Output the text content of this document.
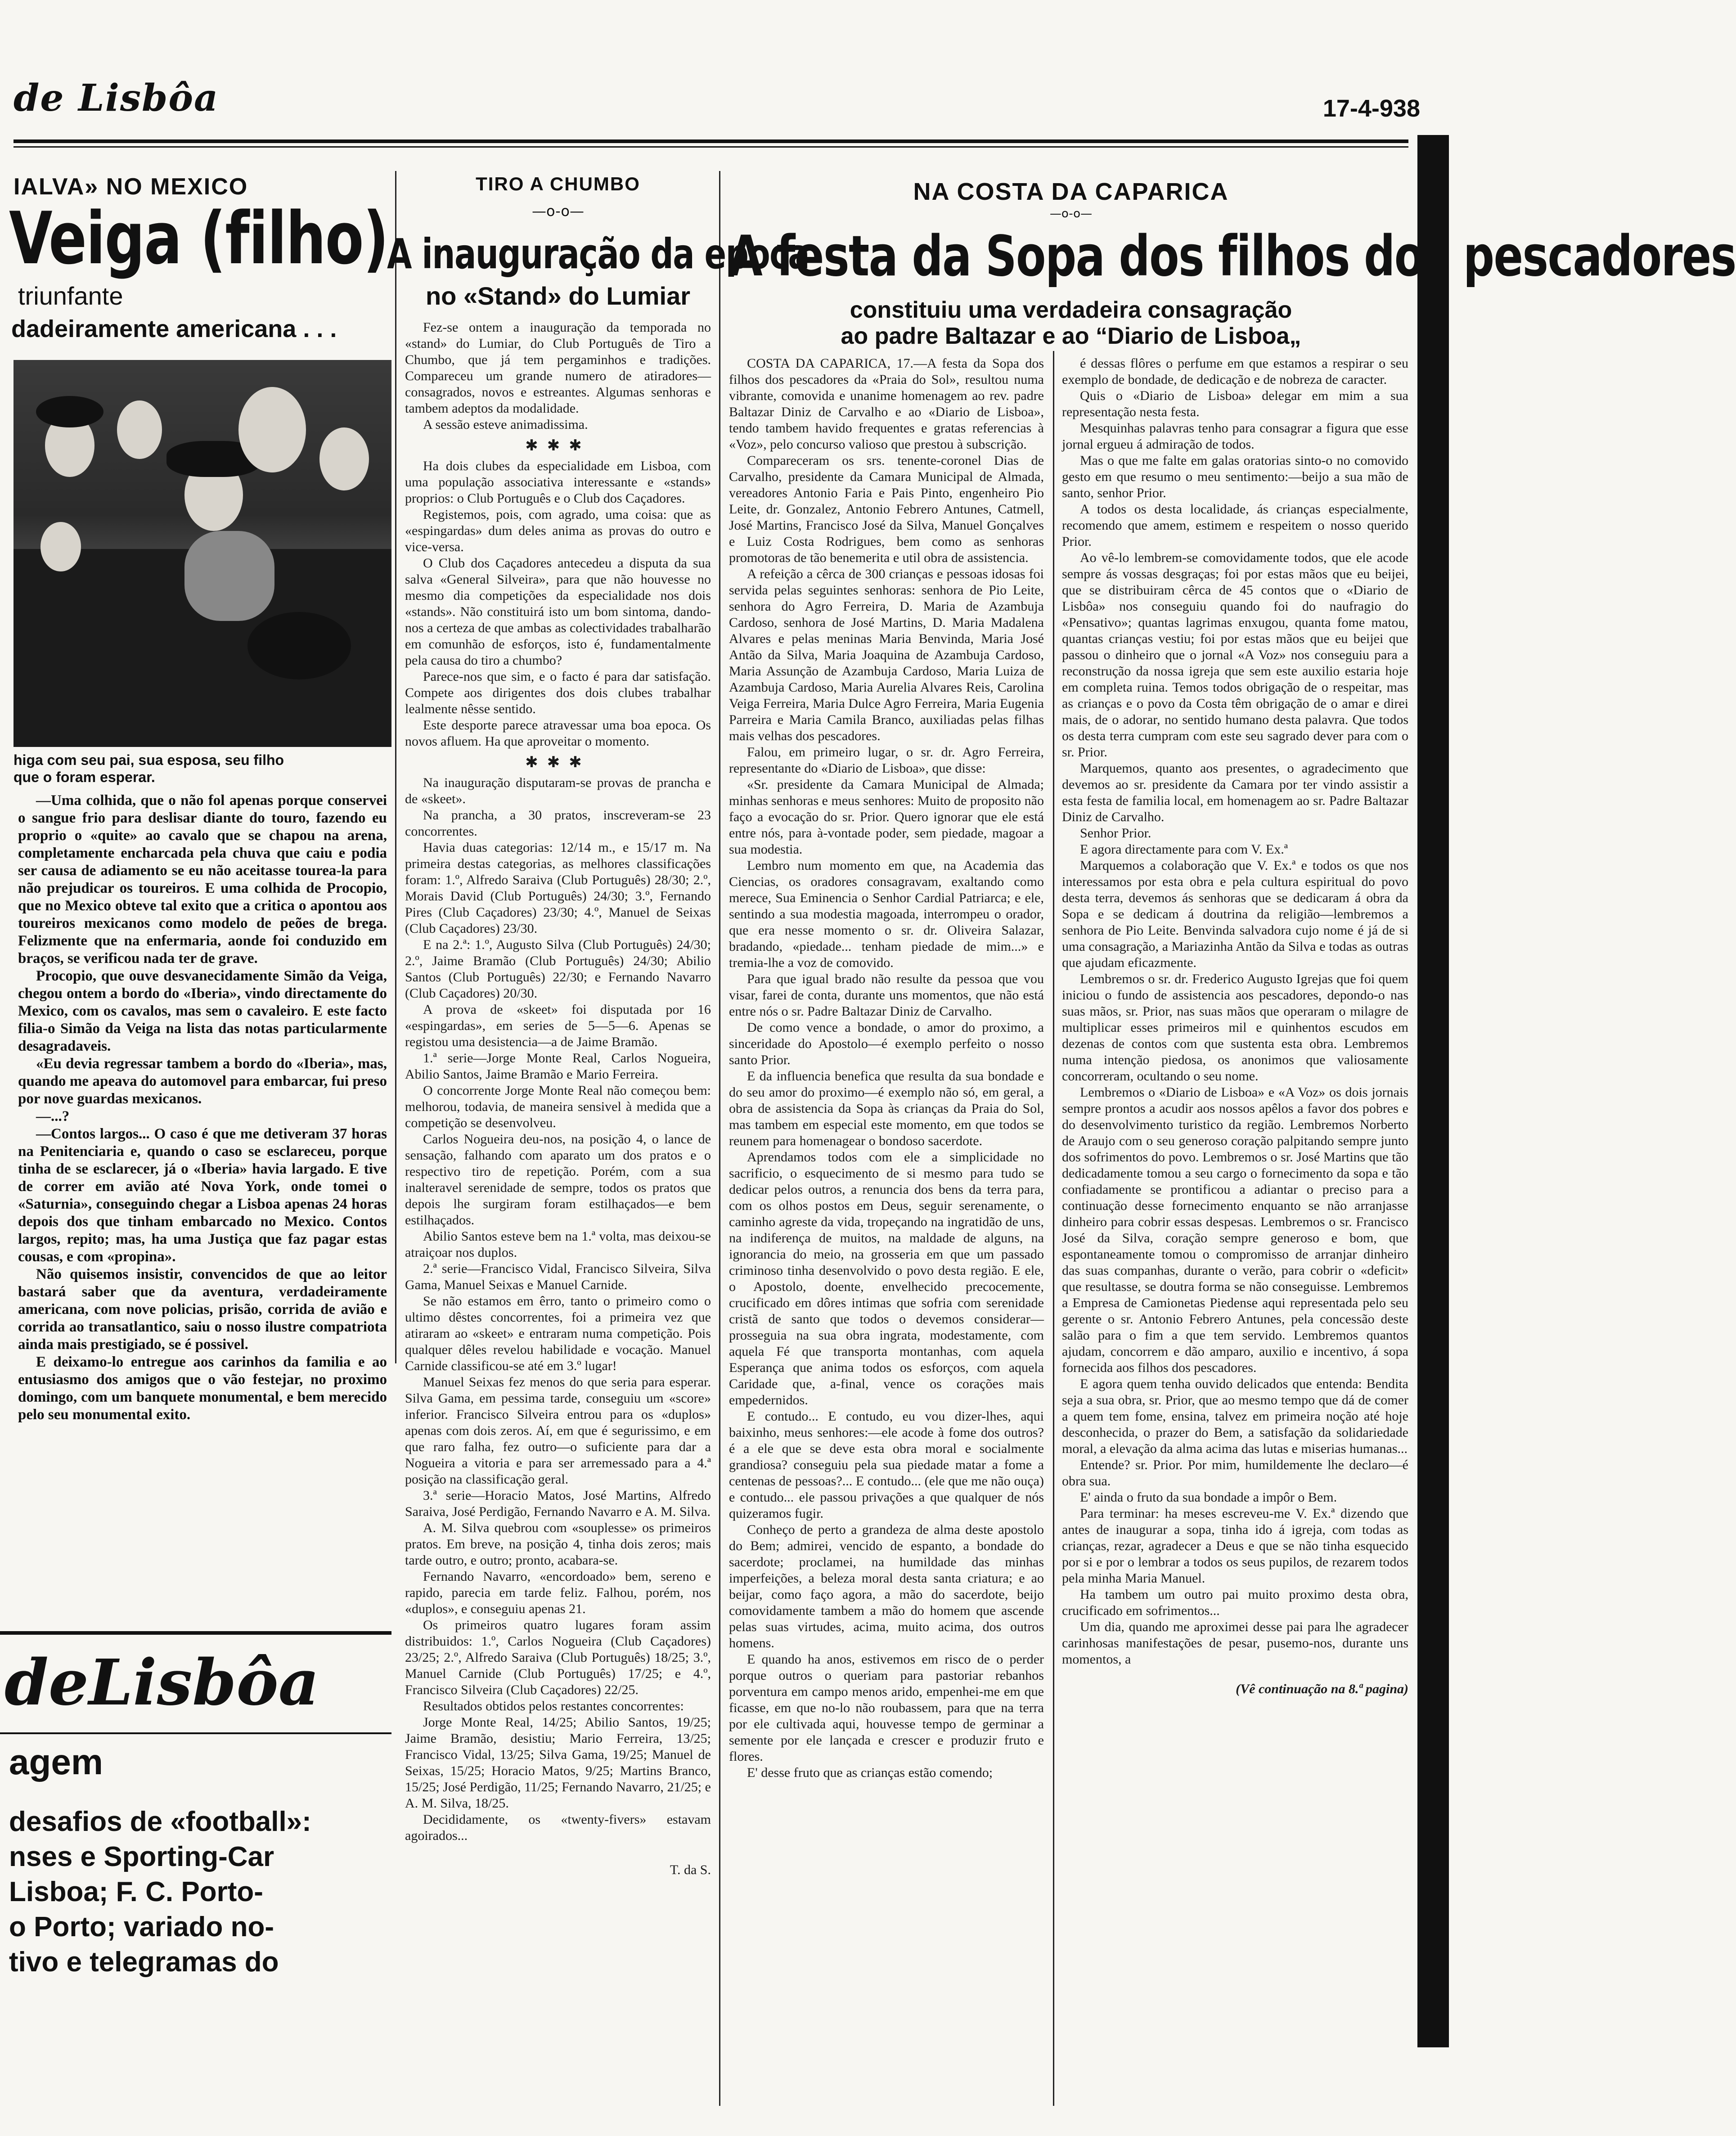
de Lisbôa	17-4-938
IALVA» NO MEXICO
Veiga (filho)
triunfante
dadeiramente americana . . .
higa com seu pai, sua esposa, seu filho
que o foram esperar.

—Uma colhida, que o não fol apenas porque conservei o sangue frio para deslisar diante do touro, fazendo eu proprio o «quite» ao cavalo que se chapou na arena, completamente encharcada pela chuva que caiu e podia ser causa de adiamento se eu não aceitasse tourea-la para não prejudicar os toureiros. E uma colhida de Procopio, que no Mexico obteve tal exito que a critica o apontou aos toureiros mexicanos como modelo de peões de brega. Felizmente que na enfermaria, aonde foi conduzido em braços, se verificou nada ter de grave.

Procopio, que ouve desvanecidamente Simão da Veiga, chegou ontem a bordo do «Iberia», vindo directamente do Mexico, com os cavalos, mas sem o cavaleiro. E este facto filia-o Simão da Veiga na lista das notas particularmente desagradaveis.

«Eu devia regressar tambem a bordo do «Iberia», mas, quando me apeava do automovel para embarcar, fui preso por nove guardas mexicanos.

—...?

—Contos largos... O caso é que me detiveram 37 horas na Penitenciaria e, quando o caso se esclareceu, porque tinha de se esclarecer, já o «Iberia» havia largado. E tive de correr em avião até Nova York, onde tomei o «Saturnia», conseguindo chegar a Lisboa apenas 24 horas depois dos que tinham embarcado no Mexico. Contos largos, repito; mas, ha uma Justiça que faz pagar estas cousas, e com «propina».

Não quisemos insistir, convencidos de que ao leitor bastará saber que da aventura, verdadeiramente americana, com nove policias, prisão, corrida de avião e corrida ao transatlantico, saiu o nosso ilustre compatriota ainda mais prestigiado, se é possivel.

E deixamo-lo entregue aos carinhos da familia e ao entusiasmo dos amigos que o vão festejar, no proximo domingo, com um banquete monumental, e bem merecido pelo seu monumental exito.

deLisbôa
agem
desafios de «football»:
nses e Sporting-Car
Lisboa; F. C. Porto-
o Porto; variado no-
tivo e telegramas do
TIRO A CHUMBO
—o-o—
A inauguração da epoca
no «Stand» do Lumiar

Fez-se ontem a inauguração da temporada no «stand» do Lumiar, do Club Português de Tiro a Chumbo, que já tem pergaminhos e tradições. Compareceu um grande numero de atiradores—consagrados, novos e estreantes. Algumas senhoras e tambem adeptos da modalidade.

A sessão esteve animadissima.

✱✱✱

Ha dois clubes da especialidade em Lisboa, com uma população associativa interessante e «stands» proprios: o Club Português e o Club dos Caçadores.

Registemos, pois, com agrado, uma coisa: que as «espingardas» dum deles anima as provas do outro e vice-versa.

O Club dos Caçadores antecedeu a disputa da sua salva «General Silveira», para que não houvesse no mesmo dia competições da especialidade nos dois «stands». Não constituirá isto um bom sintoma, dando-nos a certeza de que ambas as colectividades trabalharão em comunhão de esforços, isto é, fundamentalmente pela causa do tiro a chumbo?

Parece-nos que sim, e o facto é para dar satisfação. Compete aos dirigentes dos dois clubes trabalhar lealmente nêsse sentido.

Este desporte parece atravessar uma boa epoca. Os novos afluem. Ha que aproveitar o momento.

✱✱✱

Na inauguração disputaram-se provas de prancha e de «skeet».

Na prancha, a 30 pratos, inscreveram-se 23 concorrentes.

Havia duas categorias: 12/14 m., e 15/17 m. Na primeira destas categorias, as melhores classificações foram: 1.º, Alfredo Saraiva (Club Português) 28/30; 2.º, Morais David (Club Português) 24/30; 3.º, Fernando Pires (Club Caçadores) 23/30; 4.º, Manuel de Seixas (Club Caçadores) 23/30.

E na 2.ª: 1.º, Augusto Silva (Club Português) 24/30; 2.º, Jaime Bramão (Club Português) 24/30; Abilio Santos (Club Português) 22/30; e Fernando Navarro (Club Caçadores) 20/30.

A prova de «skeet» foi disputada por 16 «espingardas», em series de 5—5—6. Apenas se registou uma desistencia—a de Jaime Bramão.

1.ª serie—Jorge Monte Real, Carlos Nogueira, Abilio Santos, Jaime Bramão e Mario Ferreira.

O concorrente Jorge Monte Real não começou bem: melhorou, todavia, de maneira sensivel à medida que a competição se desenvolveu.

Carlos Nogueira deu-nos, na posição 4, o lance de sensação, falhando com aparato um dos pratos e o respectivo tiro de repetição. Porém, com a sua inalteravel serenidade de sempre, todos os pratos que depois lhe surgiram foram estilhaçados—e bem estilhaçados.

Abilio Santos esteve bem na 1.ª volta, mas deixou-se atraiçoar nos duplos.

2.ª serie—Francisco Vidal, Francisco Silveira, Silva Gama, Manuel Seixas e Manuel Carnide.

Se não estamos em êrro, tanto o primeiro como o ultimo dêstes concorrentes, foi a primeira vez que atiraram ao «skeet» e entraram numa competição. Pois qualquer dêles revelou habilidade e vocação. Manuel Carnide classificou-se até em 3.º lugar!

Manuel Seixas fez menos do que seria para esperar. Silva Gama, em pessima tarde, conseguiu um «score» inferior. Francisco Silveira entrou para os «duplos» apenas com dois zeros. Aí, em que é segurissimo, e em que raro falha, fez outro—o suficiente para dar a Nogueira a vitoria e para ser arremessado para a 4.ª posição na classificação geral.

3.ª serie—Horacio Matos, José Martins, Alfredo Saraiva, José Perdigão, Fernando Navarro e A. M. Silva.

A. M. Silva quebrou com «souplesse» os primeiros pratos. Em breve, na posição 4, tinha dois zeros; mais tarde outro, e outro; pronto, acabara-se.

Fernando Navarro, «encordoado» bem, sereno e rapido, parecia em tarde feliz. Falhou, porém, nos «duplos», e conseguiu apenas 21.

Os primeiros quatro lugares foram assim distribuidos: 1.º, Carlos Nogueira (Club Caçadores) 23/25; 2.º, Alfredo Saraiva (Club Português) 18/25; 3.º, Manuel Carnide (Club Português) 17/25; e 4.º, Francisco Silveira (Club Caçadores) 22/25.

Resultados obtidos pelos restantes concorrentes:

Jorge Monte Real, 14/25; Abilio Santos, 19/25; Jaime Bramão, desistiu; Mario Ferreira, 13/25; Francisco Vidal, 13/25; Silva Gama, 19/25; Manuel de Seixas, 15/25; Horacio Matos, 9/25; Martins Branco, 15/25; José Perdigão, 11/25; Fernando Navarro, 21/25; e A. M. Silva, 18/25.

Decididamente, os «twenty-fivers» estavam agoirados...

T. da S.
NA COSTA DA CAPARICA
—o-o—
A festa da Sopa dos filhos dos pescadores
constituiu uma verdadeira consagração
ao padre Baltazar e ao “Diario de Lisboa„

COSTA DA CAPARICA, 17.—A festa da Sopa dos filhos dos pescadores da «Praia do Sol», resultou numa vibrante, comovida e unanime homenagem ao rev. padre Baltazar Diniz de Carvalho e ao «Diario de Lisboa», tendo tambem havido frequentes e gratas referencias à «Voz», pelo concurso valioso que prestou à subscrição.

Compareceram os srs. tenente-coronel Dias de Carvalho, presidente da Camara Municipal de Almada, vereadores Antonio Faria e Pais Pinto, engenheiro Pio Leite, dr. Gonzalez, Antonio Febrero Antunes, Catmell, José Martins, Francisco José da Silva, Manuel Gonçalves e Luiz Costa Rodrigues, bem como as senhoras promotoras de tão benemerita e util obra de assistencia.

A refeição a cêrca de 300 crianças e pessoas idosas foi servida pelas seguintes senhoras: senhora de Pio Leite, senhora do Agro Ferreira, D. Maria de Azambuja Cardoso, senhora de José Martins, D. Maria Madalena Alvares e pelas meninas Maria Benvinda, Maria José Antão da Silva, Maria Joaquina de Azambuja Cardoso, Maria Assunção de Azambuja Cardoso, Maria Luiza de Azambuja Cardoso, Maria Aurelia Alvares Reis, Carolina Veiga Ferreira, Maria Dulce Agro Ferreira, Maria Eugenia Parreira e Maria Camila Branco, auxiliadas pelas filhas mais velhas dos pescadores.

Falou, em primeiro lugar, o sr. dr. Agro Ferreira, representante do «Diario de Lisboa», que disse:

«Sr. presidente da Camara Municipal de Almada; minhas senhoras e meus senhores: Muito de proposito não faço a evocação do sr. Prior. Quero ignorar que ele está entre nós, para à-vontade poder, sem piedade, magoar a sua modestia.

Lembro num momento em que, na Academia das Ciencias, os oradores consagravam, exaltando como merece, Sua Eminencia o Senhor Cardial Patriarca; e ele, sentindo a sua modestia magoada, interrompeu o orador, que era nesse momento o sr. dr. Oliveira Salazar, bradando, «piedade... tenham piedade de mim...» e tremia-lhe a voz de comovido.

Para que igual brado não resulte da pessoa que vou visar, farei de conta, durante uns momentos, que não está entre nós o sr. Padre Baltazar Diniz de Carvalho.

De como vence a bondade, o amor do proximo, a sinceridade do Apostolo—é exemplo perfeito o nosso santo Prior.

E da influencia benefica que resulta da sua bondade e do seu amor do proximo—é exemplo não só, em geral, a obra de assistencia da Sopa às crianças da Praia do Sol, mas tambem em especial este momento, em que todos se reunem para homenagear o bondoso sacerdote.

Aprendamos todos com ele a simplicidade no sacrificio, o esquecimento de si mesmo para tudo se dedicar pelos outros, a renuncia dos bens da terra para, com os olhos postos em Deus, seguir serenamente, o caminho agreste da vida, tropeçando na ingratidão de uns, na indiferença de muitos, na maldade de alguns, na ignorancia do meio, na grosseria em que um passado criminoso tinha desenvolvido o povo desta região. E ele, o Apostolo, doente, envelhecido precocemente, crucificado em dôres intimas que sofria com serenidade cristã de santo que todos o devemos considerar—prosseguia na sua obra ingrata, modestamente, com aquela Fé que transporta montanhas, com aquela Esperança que anima todos os esforços, com aquela Caridade que, a-final, vence os corações mais empedernidos.

E contudo... E contudo, eu vou dizer-lhes, aqui baixinho, meus senhores:—ele acode à fome dos outros? é a ele que se deve esta obra moral e socialmente grandiosa? conseguiu pela sua piedade matar a fome a centenas de pessoas?... E contudo... (ele que me não ouça) e contudo... ele passou privações a que qualquer de nós quizeramos fugir.

Conheço de perto a grandeza de alma deste apostolo do Bem; admirei, vencido de espanto, a bondade do sacerdote; proclamei, na humildade das minhas imperfeições, a beleza moral desta santa criatura; e ao beijar, como faço agora, a mão do sacerdote, beijo comovidamente tambem a mão do homem que ascende pelas suas virtudes, acima, muito acima, dos outros homens.

E quando ha anos, estivemos em risco de o perder porque outros o queriam para pastoriar rebanhos porventura em campo menos arido, empenhei-me em que ficasse, em que no-lo não roubassem, para que na terra por ele cultivada aqui, houvesse tempo de germinar a semente por ele lançada e crescer e produzir fruto e flores.

E' desse fruto que as crianças estão comendo;

é dessas flôres o perfume em que estamos a respirar o seu exemplo de bondade, de dedicação e de nobreza de caracter.

Quis o «Diario de Lisboa» delegar em mim a sua representação nesta festa.

Mesquinhas palavras tenho para consagrar a figura que esse jornal ergueu á admiração de todos.

Mas o que me falte em galas oratorias sinto-o no comovido gesto em que resumo o meu sentimento:—beijo a sua mão de santo, senhor Prior.

A todos os desta localidade, ás crianças especialmente, recomendo que amem, estimem e respeitem o nosso querido Prior.

Ao vê-lo lembrem-se comovidamente todos, que ele acode sempre ás vossas desgraças; foi por estas mãos que eu beijei, que se distribuiram cêrca de 45 contos que o «Diario de Lisbôa» nos conseguiu quando foi do naufragio do «Pensativo»; quantas lagrimas enxugou, quanta fome matou, quantas crianças vestiu; foi por estas mãos que eu beijei que passou o dinheiro que o jornal «A Voz» nos conseguiu para a reconstrução da nossa igreja que sem este auxilio estaria hoje em completa ruina. Temos todos obrigação de o respeitar, mas as crianças e o povo da Costa têm obrigação de o amar e direi mais, de o adorar, no sentido humano desta palavra. Que todos os desta terra cumpram com este seu sagrado dever para com o sr. Prior.

Marquemos, quanto aos presentes, o agradecimento que devemos ao sr. presidente da Camara por ter vindo assistir a esta festa de familia local, em homenagem ao sr. Padre Baltazar Diniz de Carvalho.

Senhor Prior.

E agora directamente para com V. Ex.ª

Marquemos a colaboração que V. Ex.ª e todos os que nos interessamos por esta obra e pela cultura espiritual do povo desta terra, devemos ás senhoras que se dedicaram á obra da Sopa e se dedicam á doutrina da religião—lembremos a senhora de Pio Leite. Benvinda salvadora cujo nome é já de si uma consagração, a Mariazinha Antão da Silva e todas as outras que ajudam eficazmente.

Lembremos o sr. dr. Frederico Augusto Igrejas que foi quem iniciou o fundo de assistencia aos pescadores, depondo-o nas suas mãos, sr. Prior, nas suas mãos que operaram o milagre de multiplicar esses primeiros mil e quinhentos escudos em dezenas de contos com que sustenta esta obra. Lembremos numa intenção piedosa, os anonimos que valiosamente concorreram, ocultando o seu nome.

Lembremos o «Diario de Lisboa» e «A Voz» os dois jornais sempre prontos a acudir aos nossos apêlos a favor dos pobres e do desenvolvimento turistico da região. Lembremos Norberto de Araujo com o seu generoso coração palpitando sempre junto dos sofrimentos do povo. Lembremos o sr. José Martins que tão dedicadamente tomou a seu cargo o fornecimento da sopa e tão confiadamente se prontificou a adiantar o preciso para a continuação desse fornecimento enquanto se não arranjasse dinheiro para cobrir essas despesas. Lembremos o sr. Francisco José da Silva, coração sempre generoso e bom, que espontaneamente tomou o compromisso de arranjar dinheiro das suas companhas, durante o verão, para cobrir o «deficit» que resultasse, se doutra forma se não conseguisse. Lembremos a Empresa de Camionetas Piedense aqui representada pelo seu gerente o sr. Antonio Febrero Antunes, pela concessão deste salão para o fim a que tem servido. Lembremos quantos ajudam, concorrem e dão amparo, auxilio e incentivo, á sopa fornecida aos filhos dos pescadores.

E agora quem tenha ouvido delicados que entenda: Bendita seja a sua obra, sr. Prior, que ao mesmo tempo que dá de comer a quem tem fome, ensina, talvez em primeira noção até hoje desconhecida, o prazer do Bem, a satisfação da solidariedade moral, a elevação da alma acima das lutas e miserias humanas...

Entende? sr. Prior. Por mim, humildemente lhe declaro—é obra sua.

E' ainda o fruto da sua bondade a impôr o Bem.

Para terminar: ha meses escreveu-me V. Ex.ª dizendo que antes de inaugurar a sopa, tinha ido á igreja, com todas as crianças, rezar, agradecer a Deus e que se não tinha esquecido por si e por o lembrar a todos os seus pupilos, de rezarem todos pela minha Maria Manuel.

Ha tambem um outro pai muito proximo desta obra, crucificado em sofrimentos...

Um dia, quando me aproximei desse pai para lhe agradecer carinhosas manifestações de pesar, pusemo-nos, durante uns momentos, a

(Vê continuação na 8.ª pagina)
